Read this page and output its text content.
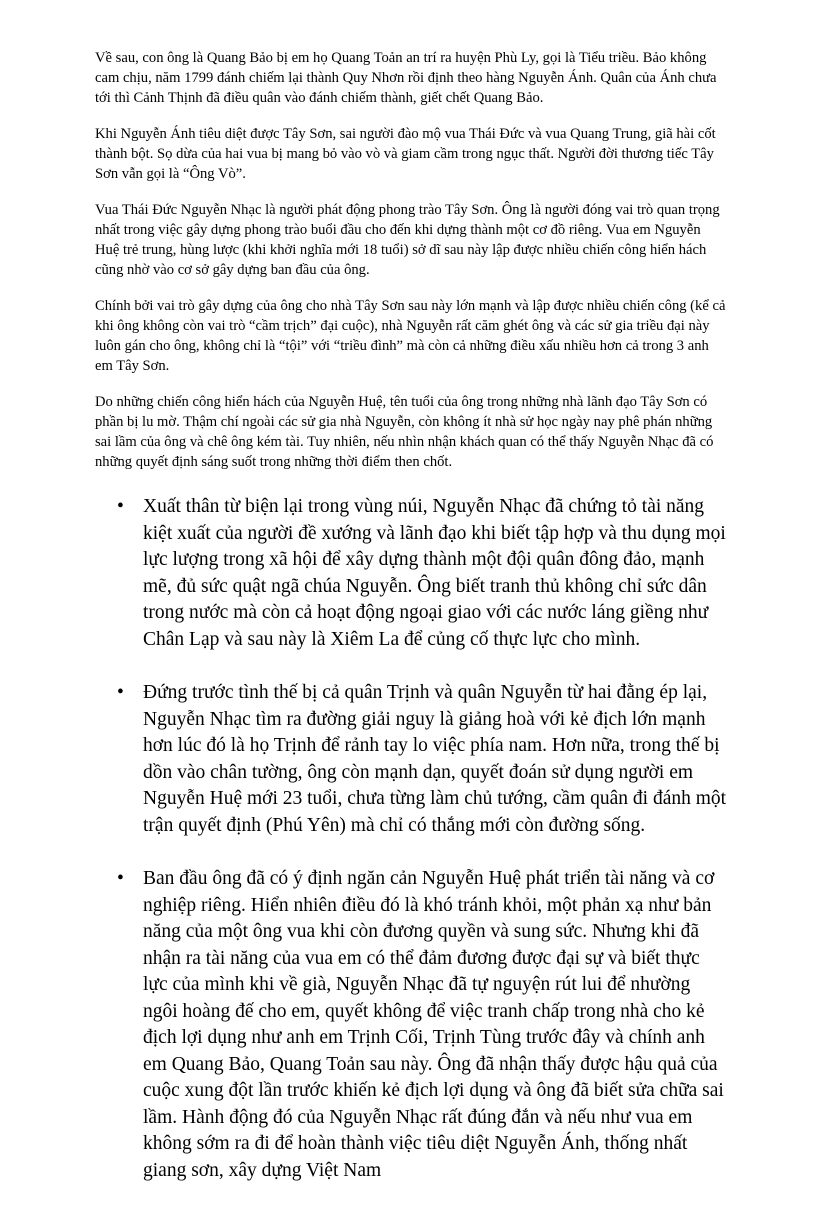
Về sau, con ông là Quang Bảo bị em họ Quang Toản an trí ra huyện Phù Ly, gọi là Tiểu triều. Bảo không cam chịu, năm 1799 đánh chiếm lại thành Quy Nhơn rồi định theo hàng Nguyễn Ánh. Quân của Ánh chưa tới thì Cảnh Thịnh đã điều quân vào đánh chiếm thành, giết chết Quang Bảo.

Khi Nguyễn Ánh tiêu diệt được Tây Sơn, sai người đào mộ vua Thái Đức và vua Quang Trung, giã hài cốt thành bột. Sọ dừa của hai vua bị mang bỏ vào vò và giam cầm trong ngục thất. Người đời thương tiếc Tây Sơn vẫn gọi là “Ông Vò”.

Vua Thái Đức Nguyễn Nhạc là người phát động phong trào Tây Sơn. Ông là người đóng vai trò quan trọng nhất trong việc gây dựng phong trào buổi đầu cho đến khi dựng thành một cơ đồ riêng. Vua em Nguyễn Huệ trẻ trung, hùng lược (khi khởi nghĩa mới 18 tuổi) sở dĩ sau này lập được nhiều chiến công hiển hách cũng nhờ vào cơ sở gây dựng ban đầu của ông.

Chính bởi vai trò gây dựng của ông cho nhà Tây Sơn sau này lớn mạnh và lập được nhiều chiến công (kể cả khi ông không còn vai trò “cầm trịch” đại cuộc), nhà Nguyễn rất căm ghét ông và các sử gia triều đại này luôn gán cho ông, không chỉ là “tội” với “triều đình” mà còn cả những điều xấu nhiều hơn cả trong 3 anh em Tây Sơn.

Do những chiến công hiển hách của Nguyễn Huệ, tên tuổi của ông trong những nhà lãnh đạo Tây Sơn có phần bị lu mờ. Thậm chí ngoài các sử gia nhà Nguyễn, còn không ít nhà sử học ngày nay phê phán những sai lầm của ông và chê ông kém tài. Tuy nhiên, nếu nhìn nhận khách quan có thể thấy Nguyễn Nhạc đã có những quyết định sáng suốt trong những thời điểm then chốt.

• Xuất thân từ biện lại trong vùng núi, Nguyễn Nhạc đã chứng tỏ tài năng kiệt xuất của người đề xướng và lãnh đạo khi biết tập hợp và thu dụng mọi lực lượng trong xã hội để xây dựng thành một đội quân đông đảo, mạnh mẽ, đủ sức quật ngã chúa Nguyễn. Ông biết tranh thủ không chỉ sức dân trong nước mà còn cả hoạt động ngoại giao với các nước láng giềng như Chân Lạp và sau này là Xiêm La để củng cố thực lực cho mình.
• Đứng trước tình thế bị cả quân Trịnh và quân Nguyễn từ hai đằng ép lại, Nguyễn Nhạc tìm ra đường giải nguy là giảng hoà với kẻ địch lớn mạnh hơn lúc đó là họ Trịnh để rảnh tay lo việc phía nam. Hơn nữa, trong thế bị dồn vào chân tường, ông còn mạnh dạn, quyết đoán sử dụng người em Nguyễn Huệ mới 23 tuổi, chưa từng làm chủ tướng, cầm quân đi đánh một trận quyết định (Phú Yên) mà chỉ có thắng mới còn đường sống.
• Ban đầu ông đã có ý định ngăn cản Nguyễn Huệ phát triển tài năng và cơ nghiệp riêng. Hiển nhiên điều đó là khó tránh khỏi, một phản xạ như bản năng của một ông vua khi còn đương quyền và sung sức. Nhưng khi đã nhận ra tài năng của vua em có thể đảm đương được đại sự và biết thực lực của mình khi về già, Nguyễn Nhạc đã tự nguyện rút lui để nhường ngôi hoàng đế cho em, quyết không để việc tranh chấp trong nhà cho kẻ địch lợi dụng như anh em Trịnh Cối, Trịnh Tùng trước đây và chính anh em Quang Bảo, Quang Toản sau này. Ông đã nhận thấy được hậu quả của cuộc xung đột lần trước khiến kẻ địch lợi dụng và ông đã biết sửa chữa sai lầm. Hành động đó của Nguyễn Nhạc rất đúng đắn và nếu như vua em không sớm ra đi để hoàn thành việc tiêu diệt Nguyễn Ánh, thống nhất giang sơn, xây dựng Việt Nam
